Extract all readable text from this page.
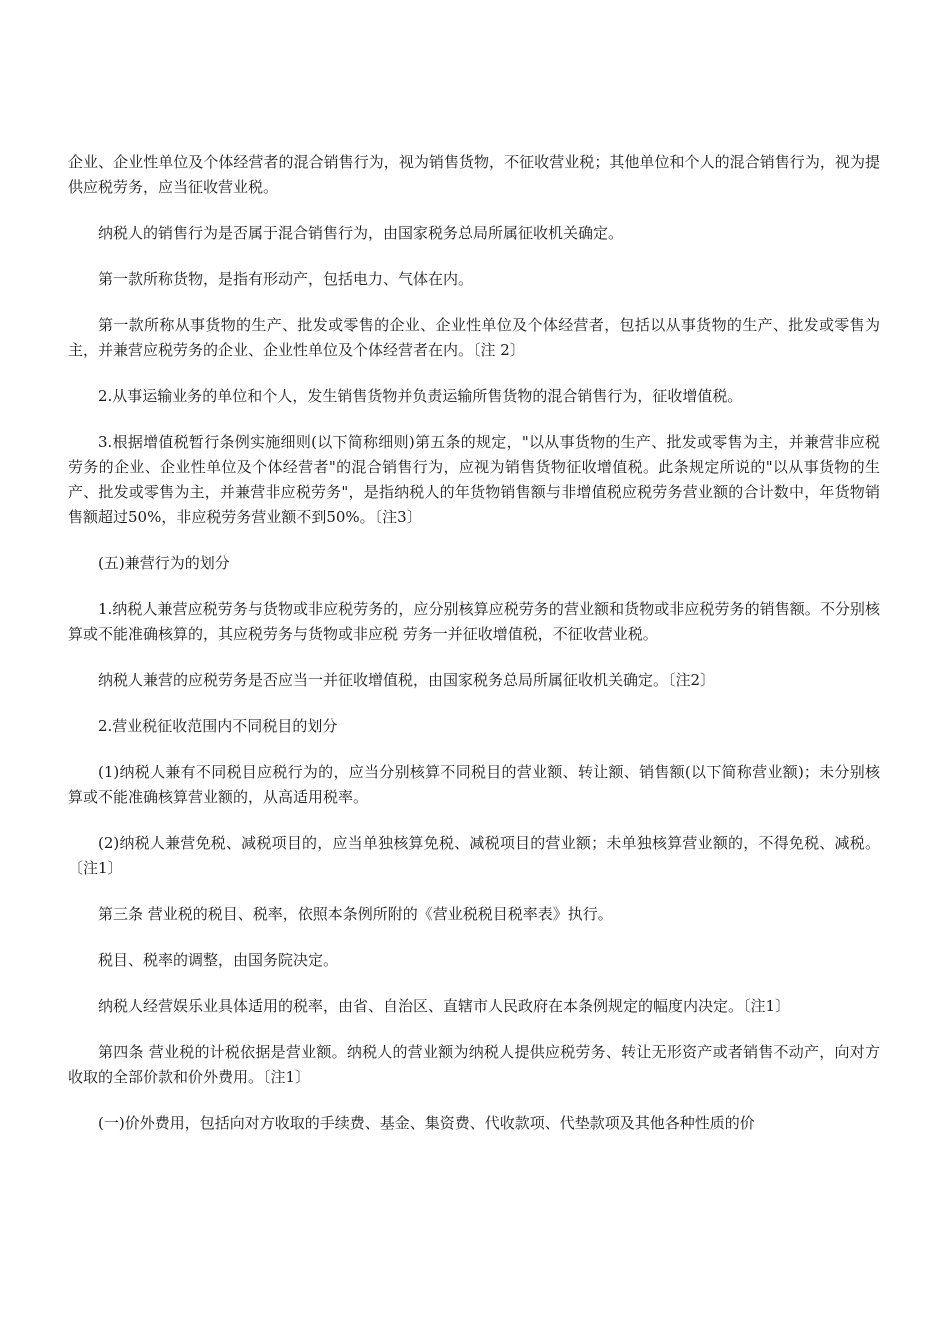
企业、企业性单位及个体经营者的混合销售行为，视为销售货物，不征收营业税；其他单位和个人的混合销售行为，视为提供应税劳务，应当征收营业税。

纳税人的销售行为是否属于混合销售行为，由国家税务总局所属征收机关确定。

第一款所称货物，是指有形动产，包括电力、气体在内。

第一款所称从事货物的生产、批发或零售的企业、企业性单位及个体经营者，包括以从事货物的生产、批发或零售为主，并兼营应税劳务的企业、企业性单位及个体经营者在内。〔注 2〕

2.从事运输业务的单位和个人，发生销售货物并负责运输所售货物的混合销售行为，征收增值税。

3.根据增值税暂行条例实施细则(以下简称细则)第五条的规定，"以从事货物的生产、批发或零售为主，并兼营非应税劳务的企业、企业性单位及个体经营者"的混合销售行为，应视为销售货物征收增值税。此条规定所说的"以从事货物的生产、批发或零售为主，并兼营非应税劳务"，是指纳税人的年货物销售额与非增值税应税劳务营业额的合计数中，年货物销售额超过50%，非应税劳务营业额不到50%。〔注3〕

(五)兼营行为的划分

1.纳税人兼营应税劳务与货物或非应税劳务的，应分别核算应税劳务的营业额和货物或非应税劳务的销售额。不分别核算或不能准确核算的，其应税劳务与货物或非应税 劳务一并征收增值税，不征收营业税。

纳税人兼营的应税劳务是否应当一并征收增值税，由国家税务总局所属征收机关确定。〔注2〕

2.营业税征收范围内不同税目的划分

(1)纳税人兼有不同税目应税行为的，应当分别核算不同税目的营业额、转让额、销售额(以下简称营业额)；未分别核算或不能准确核算营业额的，从高适用税率。

(2)纳税人兼营免税、减税项目的，应当单独核算免税、减税项目的营业额；未单独核算营业额的，不得免税、减税。〔注1〕

第三条 营业税的税目、税率，依照本条例所附的《营业税税目税率表》执行。

税目、税率的调整，由国务院决定。

纳税人经营娱乐业具体适用的税率，由省、自治区、直辖市人民政府在本条例规定的幅度内决定。〔注1〕

第四条 营业税的计税依据是营业额。纳税人的营业额为纳税人提供应税劳务、转让无形资产或者销售不动产，向对方收取的全部价款和价外费用。〔注1〕

(一)价外费用，包括向对方收取的手续费、基金、集资费、代收款项、代垫款项及其他各种性质的价
